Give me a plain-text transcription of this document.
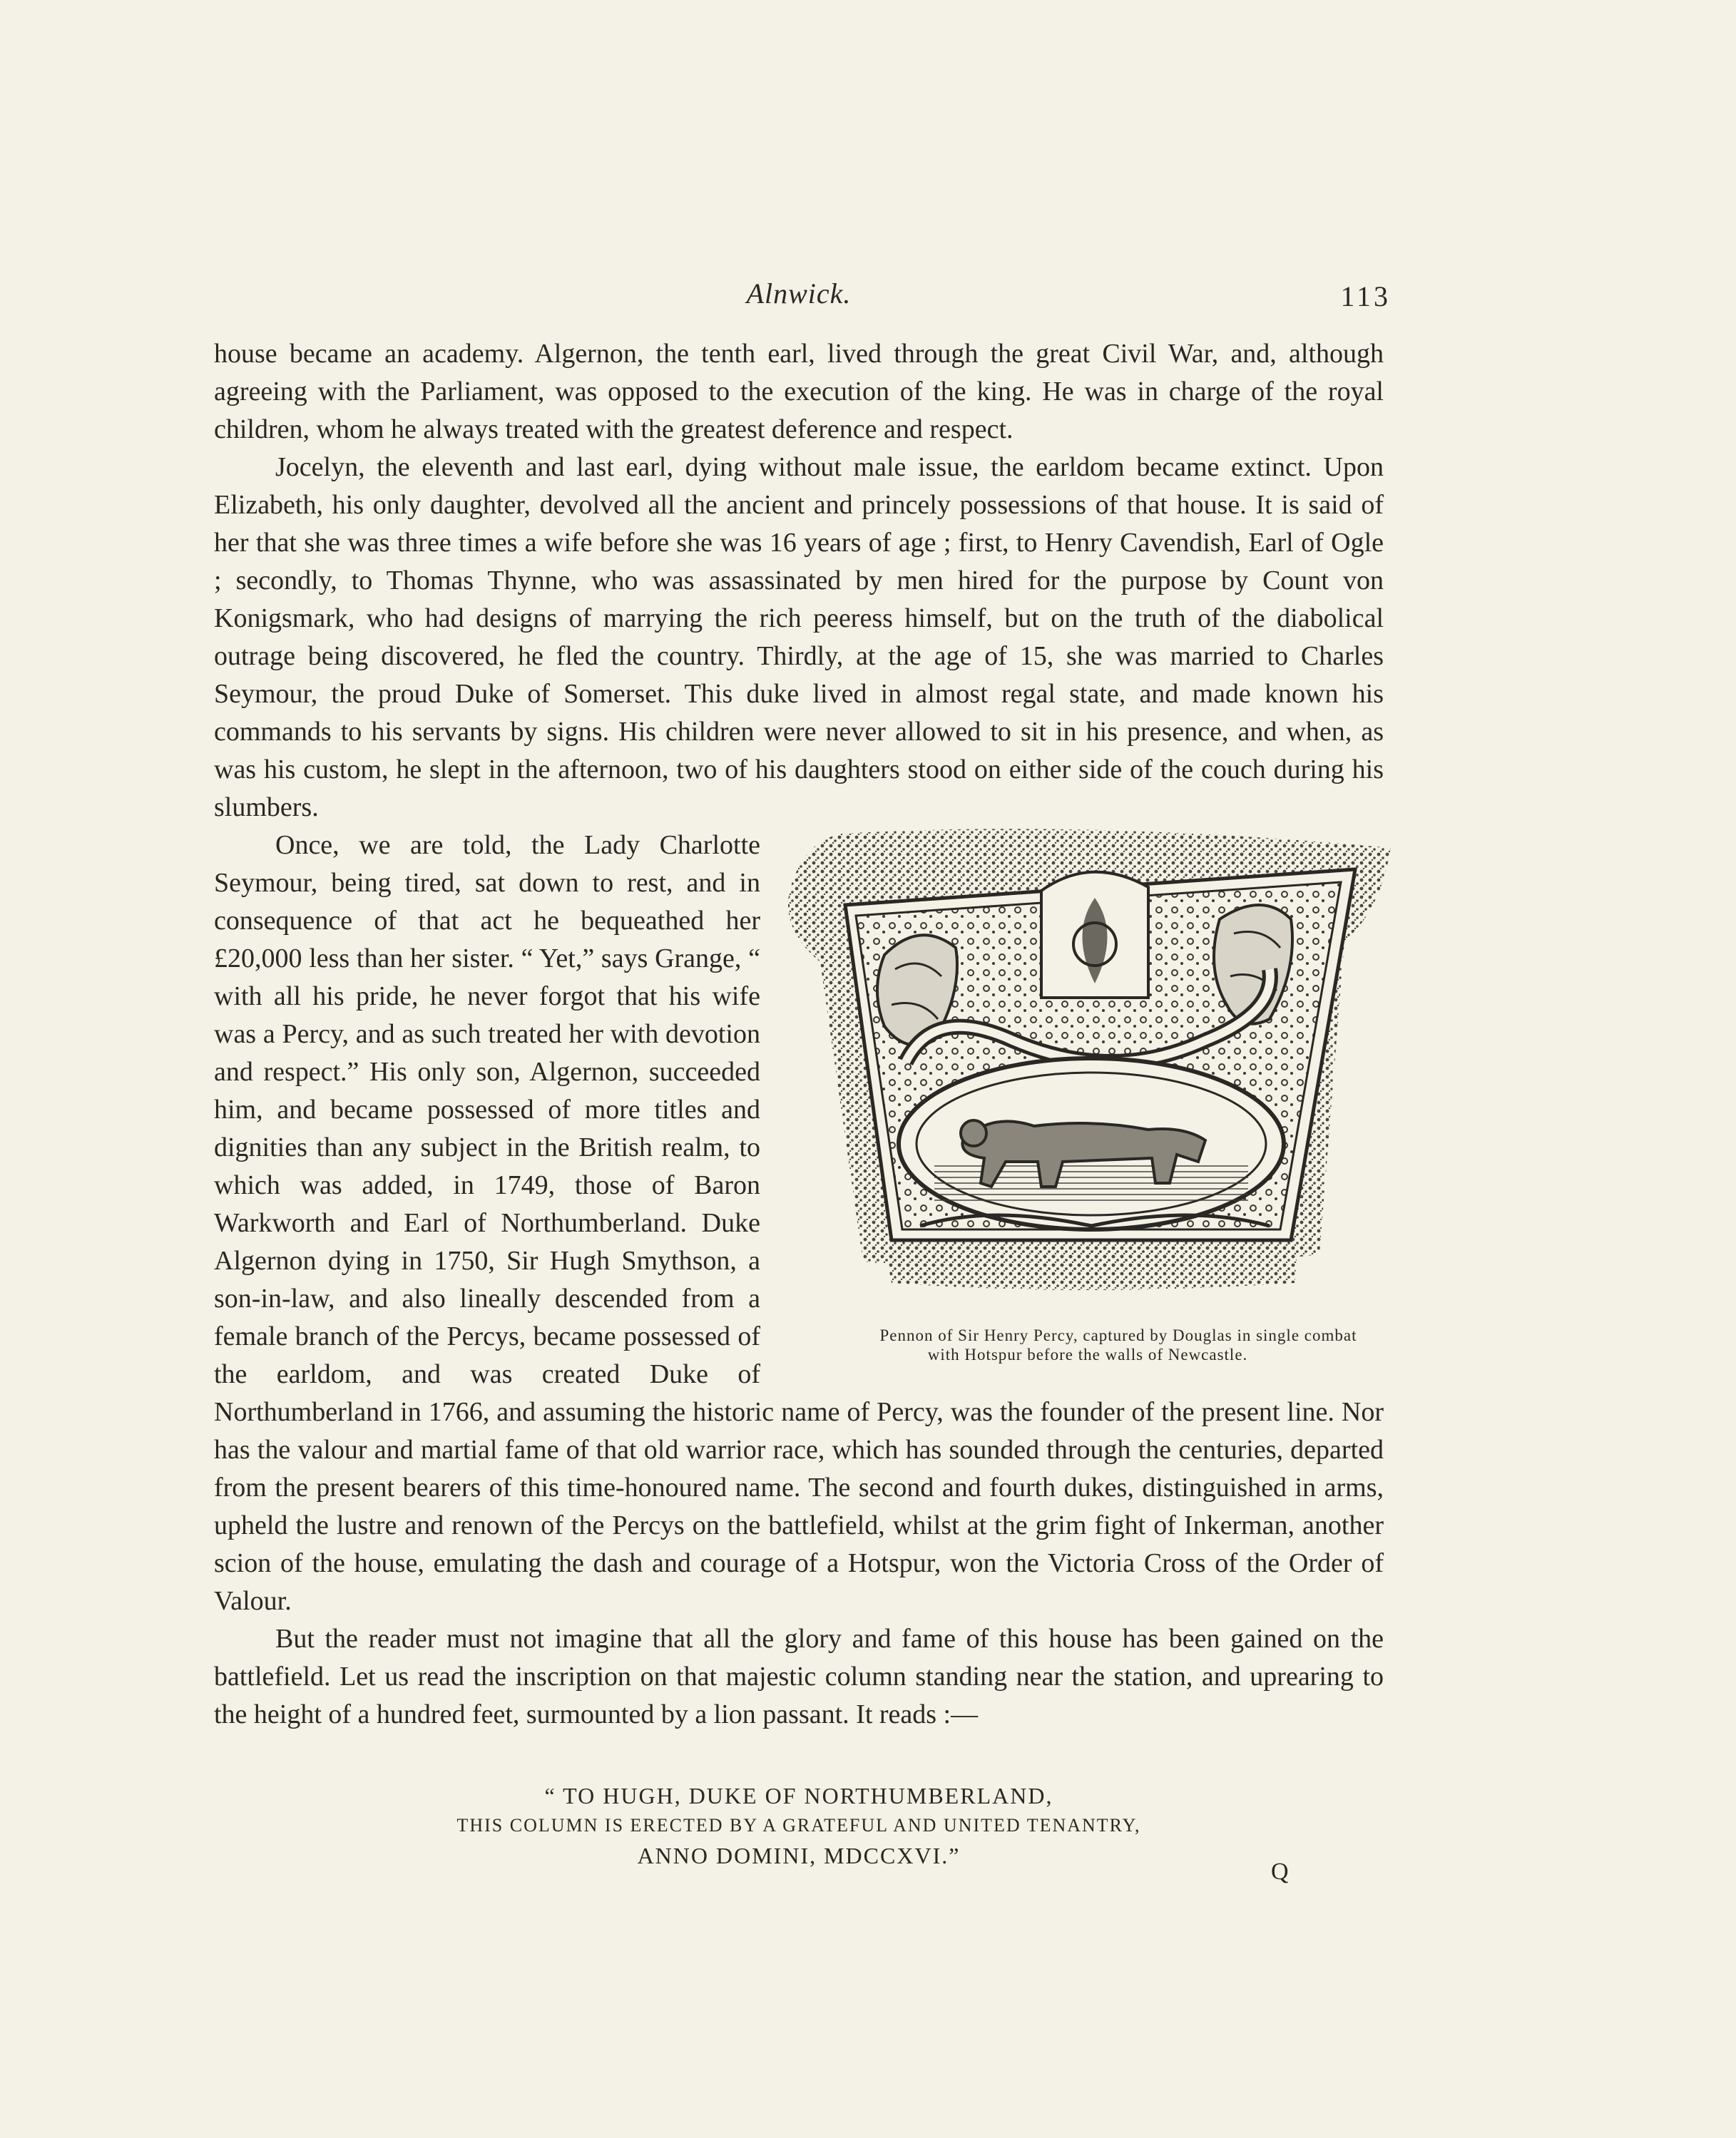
Alnwick.	113

house became an academy. Algernon, the tenth earl, lived through the great Civil War, and, although agreeing with the Parliament, was opposed to the execution of the king. He was in charge of the royal children, whom he always treated with the greatest deference and respect.

Jocelyn, the eleventh and last earl, dying without male issue, the earldom became extinct. Upon Elizabeth, his only daughter, devolved all the ancient and princely possessions of that house. It is said of her that she was three times a wife before she was 16 years of age ; first, to Henry Cavendish, Earl of Ogle ; secondly, to Thomas Thynne, who was assassinated by men hired for the purpose by Count von Konigsmark, who had designs of marrying the rich peeress himself, but on the truth of the diabolical outrage being discovered, he fled the country. Thirdly, at the age of 15, she was married to Charles Seymour, the proud Duke of Somerset. This duke lived in almost regal state, and made known his commands to his servants by signs. His children were never allowed to sit in his presence, and when, as was his custom, he slept in the afternoon, two of his daughters stood on either side of the couch during his slumbers.

Pennon of Sir Henry Percy, captured by Douglas in single combat
with Hotspur before the walls of Newcastle.
Once, we are told, the Lady Charlotte Seymour, being tired, sat down to rest, and in consequence of that act he bequeathed her £20,000 less than her sister. “ Yet,” says Grange, “ with all his pride, he never forgot that his wife was a Percy, and as such treated her with devotion and respect.” His only son, Algernon, succeeded him, and became possessed of more titles and dignities than any subject in the British realm, to which was added, in 1749, those of Baron Warkworth and Earl of Northumberland. Duke Algernon dying in 1750, Sir Hugh Smythson, a son-in-law, and also lineally descended from a female branch of the Percys, became possessed of the earldom, and was created Duke of Northumberland in 1766, and assuming the historic name of Percy, was the founder of the present line. Nor has the valour and martial fame of that old warrior race, which has sounded through the centuries, departed from the present bearers of this time-honoured name. The second and fourth dukes, distinguished in arms, upheld the lustre and renown of the Percys on the battlefield, whilst at the grim fight of Inkerman, another scion of the house, emulating the dash and courage of a Hotspur, won the Victoria Cross of the Order of Valour.

But the reader must not imagine that all the glory and fame of this house has been gained on the battlefield. Let us read the inscription on that majestic column standing near the station, and uprearing to the height of a hundred feet, surmounted by a lion passant. It reads :—

“ TO HUGH, DUKE OF NORTHUMBERLAND,
THIS COLUMN IS ERECTED BY A GRATEFUL AND UNITED TENANTRY,
ANNO DOMINI, MDCCXVI.”
Q
